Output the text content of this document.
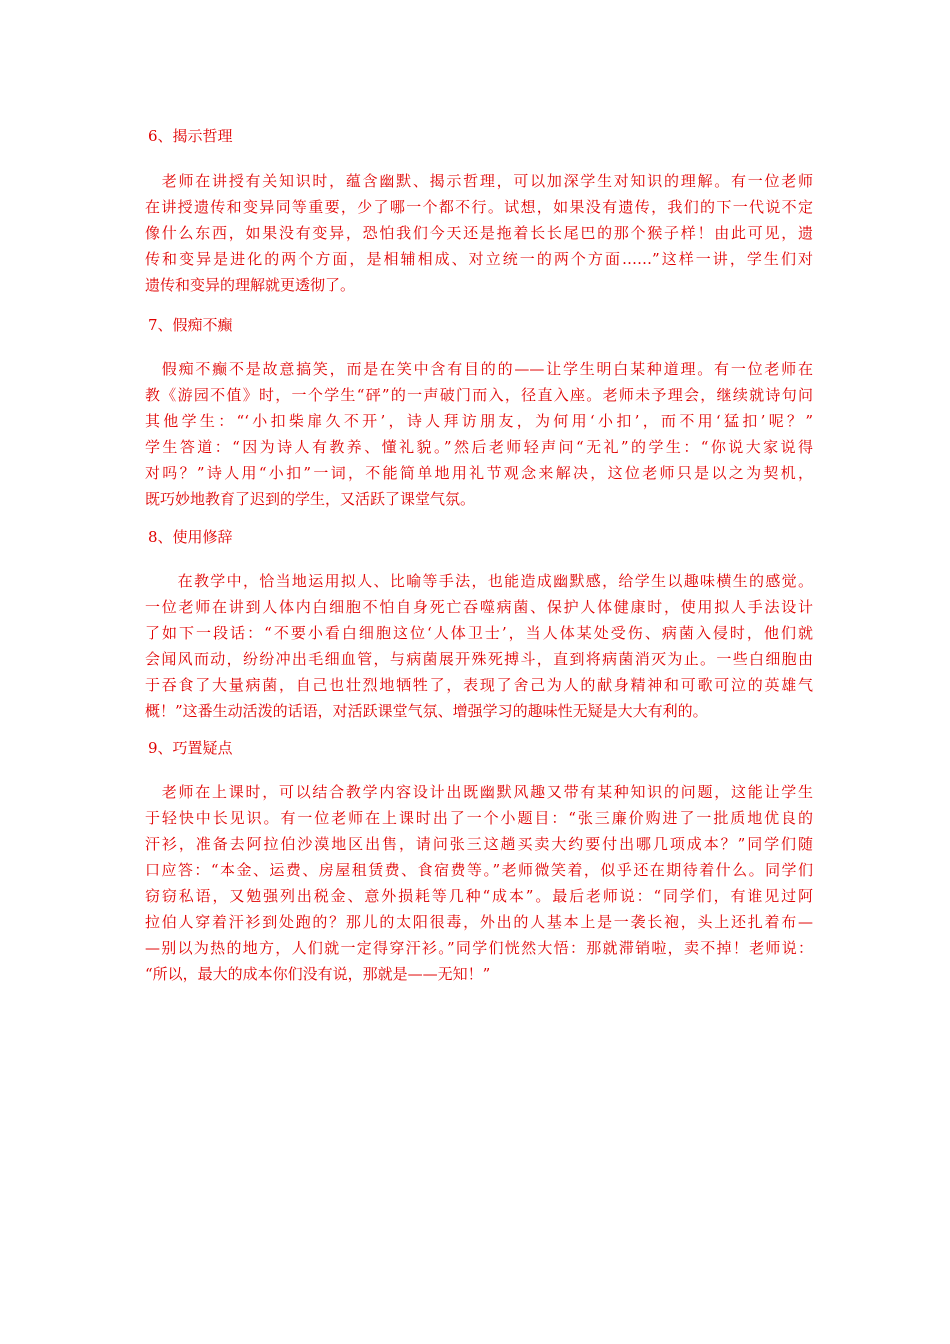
6、揭示哲理
　老师在讲授有关知识时，蕴含幽默、揭示哲理，可以加深学生对知识的理解。有一位老师
在讲授遗传和变异同等重要，少了哪一个都不行。试想，如果没有遗传，我们的下一代说不定
像什么东西，如果没有变异，恐怕我们今天还是拖着长长尾巴的那个猴子样！由此可见，遗
传和变异是进化的两个方面，是相辅相成、对立统一的两个方面……”这样一讲，学生们对
遗传和变异的理解就更透彻了。
7、假痴不癫
　假痴不癫不是故意搞笑，而是在笑中含有目的的——让学生明白某种道理。有一位老师在
教《游园不值》时，一个学生“砰”的一声破门而入，径直入座。老师未予理会，继续就诗句问
其他学生：“‘小扣柴扉久不开’，诗人拜访朋友，为何用‘小扣’，而不用‘猛扣’呢？”
学生答道：“因为诗人有教养、懂礼貌。”然后老师轻声问“无礼”的学生：“你说大家说得
对吗？”诗人用“小扣”一词，不能简单地用礼节观念来解决，这位老师只是以之为契机，
既巧妙地教育了迟到的学生，又活跃了课堂气氛。
8、使用修辞
　　在教学中，恰当地运用拟人、比喻等手法，也能造成幽默感，给学生以趣味横生的感觉。
一位老师在讲到人体内白细胞不怕自身死亡吞噬病菌、保护人体健康时，使用拟人手法设计
了如下一段话：“不要小看白细胞这位‘人体卫士’，当人体某处受伤、病菌入侵时，他们就
会闻风而动，纷纷冲出毛细血管，与病菌展开殊死搏斗，直到将病菌消灭为止。一些白细胞由
于吞食了大量病菌，自己也壮烈地牺牲了，表现了舍己为人的献身精神和可歌可泣的英雄气
概！”这番生动活泼的话语，对活跃课堂气氛、增强学习的趣味性无疑是大大有利的。
9、巧置疑点
　老师在上课时，可以结合教学内容设计出既幽默风趣又带有某种知识的问题，这能让学生
于轻快中长见识。有一位老师在上课时出了一个小题目：“张三廉价购进了一批质地优良的
汗衫，准备去阿拉伯沙漠地区出售，请问张三这趟买卖大约要付出哪几项成本？”同学们随
口应答：“本金、运费、房屋租赁费、食宿费等。”老师微笑着，似乎还在期待着什么。同学们
窃窃私语，又勉强列出税金、意外损耗等几种“成本”。最后老师说：“同学们，有谁见过阿
拉伯人穿着汗衫到处跑的？那儿的太阳很毒，外出的人基本上是一袭长袍，头上还扎着布—
—别以为热的地方，人们就一定得穿汗衫。”同学们恍然大悟：那就滞销啦，卖不掉！老师说：
“所以，最大的成本你们没有说，那就是——无知！”
